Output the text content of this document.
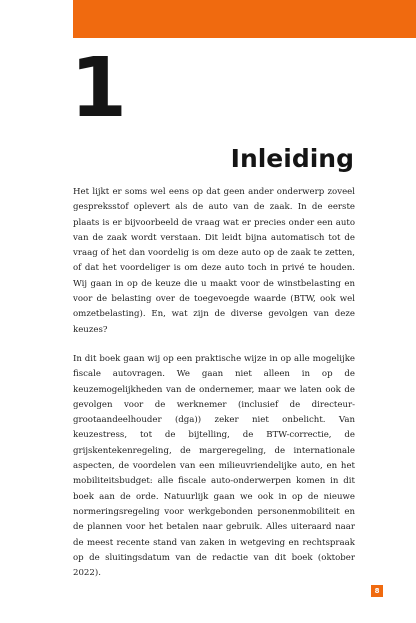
1
Inleiding

Het lijkt er soms wel eens op dat geen ander onderwerp zoveel gespreksstof oplevert als de auto van de zaak. In de eerste plaats is er bijvoorbeeld de vraag wat er precies onder een auto van de zaak wordt verstaan. Dit leidt bijna automatisch tot de vraag of het dan voordelig is om deze auto op de zaak te zetten, of dat het voordeliger is om deze auto toch in privé te houden. Wij gaan in op de keuze die u maakt voor de winstbelasting en voor de belasting over de toegevoegde waarde (BTW, ook wel omzetbelasting). En, wat zijn de diverse gevolgen van deze keuzes?

In dit boek gaan wij op een praktische wijze in op alle mogelijke fiscale autovragen. We gaan niet alleen in op de keuzemogelijkheden van de ondernemer, maar we laten ook de gevolgen voor de werknemer (inclusief de directeur-grootaandeelhouder (dga)) zeker niet onbelicht. Van keuzestress, tot de bijtelling, de BTW-correctie, de grijskentekenregeling, de margeregeling, de internationale aspecten, de voordelen van een milieuvriendelijke auto, en het mobiliteitsbudget: alle fiscale auto-onderwerpen komen in dit boek aan de orde. Natuurlijk gaan we ook in op de nieuwe normeringsregeling voor werkgebonden personenmobiliteit en de plannen voor het betalen naar gebruik. Alles uiteraard naar de meest recente stand van zaken in wetgeving en rechtspraak op de sluitingsdatum van de redactie van dit boek (oktober 2022).

8
